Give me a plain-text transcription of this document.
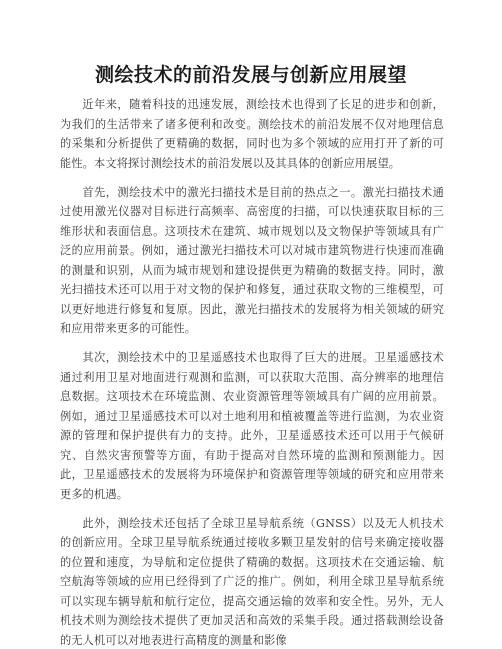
测绘技术的前沿发展与创新应用展望

近年来，随着科技的迅速发展，测绘技术也得到了长足的进步和创新，为我们的生活带来了诸多便利和改变。测绘技术的前沿发展不仅对地理信息的采集和分析提供了更精确的数据，同时也为多个领域的应用打开了新的可能性。本文将探讨测绘技术的前沿发展以及其具体的创新应用展望。

首先，测绘技术中的激光扫描技术是目前的热点之一。激光扫描技术通过使用激光仪器对目标进行高频率、高密度的扫描，可以快速获取目标的三维形状和表面信息。这项技术在建筑、城市规划以及文物保护等领域具有广泛的应用前景。例如，通过激光扫描技术可以对城市建筑物进行快速而准确的测量和识别，从而为城市规划和建设提供更为精确的数据支持。同时，激光扫描技术还可以用于对文物的保护和修复，通过获取文物的三维模型，可以更好地进行修复和复原。因此，激光扫描技术的发展将为相关领域的研究和应用带来更多的可能性。

其次，测绘技术中的卫星遥感技术也取得了巨大的进展。卫星遥感技术通过利用卫星对地面进行观测和监测，可以获取大范围、高分辨率的地理信息数据。这项技术在环境监测、农业资源管理等领域具有广阔的应用前景。例如，通过卫星遥感技术可以对土地利用和植被覆盖等进行监测，为农业资源的管理和保护提供有力的支持。此外，卫星遥感技术还可以用于气候研究、自然灾害预警等方面，有助于提高对自然环境的监测和预测能力。因此，卫星遥感技术的发展将为环境保护和资源管理等领域的研究和应用带来更多的机遇。

此外，测绘技术还包括了全球卫星导航系统（GNSS）以及无人机技术的创新应用。全球卫星导航系统通过接收多颗卫星发射的信号来确定接收器的位置和速度，为导航和定位提供了精确的数据。这项技术在交通运输、航空航海等领域的应用已经得到了广泛的推广。例如，利用全球卫星导航系统可以实现车辆导航和航行定位，提高交通运输的效率和安全性。另外，无人机技术则为测绘技术提供了更加灵活和高效的采集手段。通过搭载测绘设备的无人机可以对地表进行高精度的测量和影像
